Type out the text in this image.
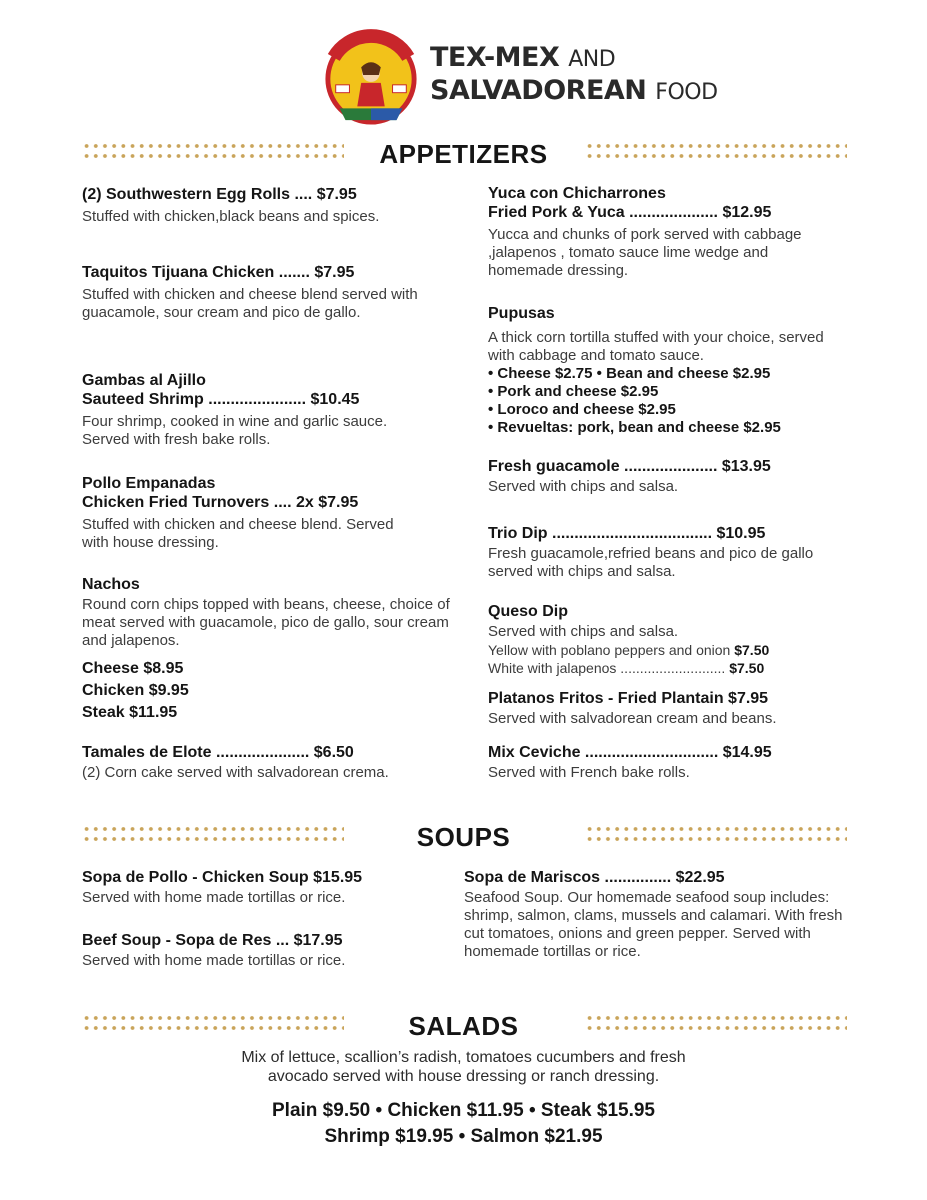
TEX-MEX AND
SALVADOREAN FOOD
APPETIZERS
(2) Southwestern Egg Rolls .... $7.95
Stuffed with chicken,black beans and spices.
Taquitos Tijuana Chicken ....... $7.95
Stuffed with chicken and cheese blend served with guacamole, sour cream and pico de gallo.
Gambas al Ajillo
Sauteed Shrimp ...................... $10.45
Four shrimp, cooked in wine and garlic sauce. Served with fresh bake rolls.
Pollo Empanadas
Chicken Fried Turnovers .... 2x $7.95
Stuffed with chicken and cheese blend. Served with house dressing.
Nachos
Round corn chips topped with beans, cheese, choice of meat served with guacamole, pico de gallo, sour cream and jalapenos.
Cheese $8.95
Chicken $9.95
Steak $11.95
Tamales de Elote ..................... $6.50
(2) Corn cake served with salvadorean crema.
Yuca con Chicharrones
Fried Pork & Yuca .................... $12.95
Yucca and chunks of pork served with cabbage ,jalapenos , tomato sauce lime wedge and homemade dressing.
Pupusas
A thick corn tortilla stuffed with your choice, served with cabbage and tomato sauce.
• Cheese $2.75 • Bean and cheese $2.95
• Pork and cheese $2.95
• Loroco and cheese $2.95
• Revueltas: pork, bean and cheese $2.95
Fresh guacamole ..................... $13.95
Served with chips and salsa.
Trio Dip .................................... $10.95
Fresh guacamole,refried beans and pico de gallo served with chips and salsa.
Queso Dip
Served with chips and salsa.
Yellow with poblano peppers and onion $7.50
White with jalapenos ........................... $7.50
Platanos Fritos - Fried Plantain $7.95
Served with salvadorean cream and beans.
Mix Ceviche .............................. $14.95
Served with French bake rolls.
SOUPS
Sopa de Pollo - Chicken Soup $15.95
Served with home made tortillas or rice.
Beef Soup - Sopa de Res ... $17.95
Served with home made tortillas or rice.
Sopa de Mariscos ............... $22.95
Seafood Soup. Our homemade seafood soup includes: shrimp, salmon, clams, mussels and calamari. With fresh cut tomatoes, onions and green pepper. Served with homemade tortillas or rice.
SALADS
Mix of lettuce, scallion’s radish, tomatoes cucumbers and fresh
avocado served with house dressing or ranch dressing.
Plain $9.50 • Chicken $11.95 • Steak $15.95
Shrimp $19.95 • Salmon $21.95
